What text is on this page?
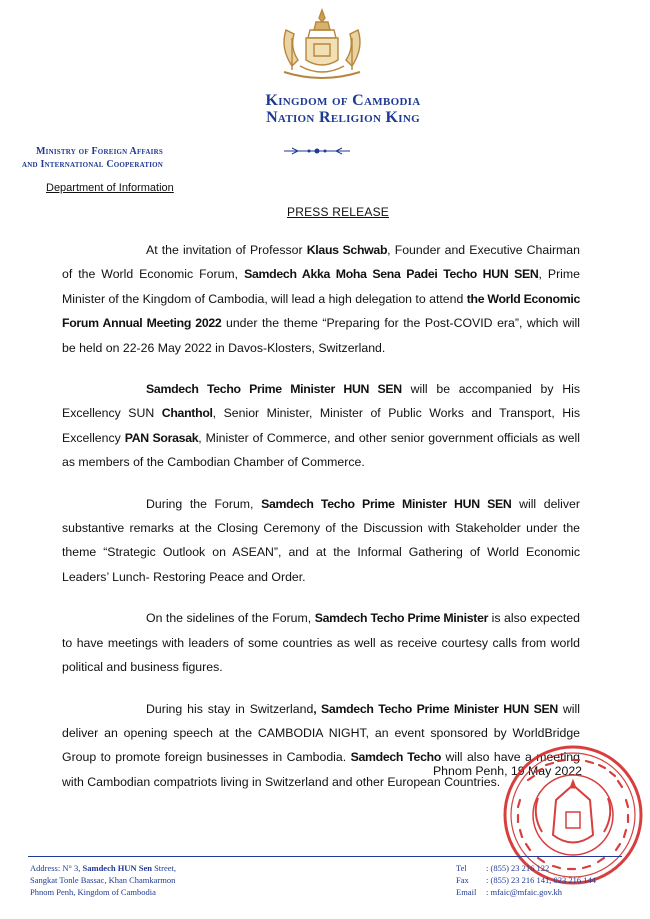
Kingdom of Cambodia
Nation Religion King
Ministry of Foreign Affairs
and International Cooperation
Department of Information
PRESS RELEASE

At the invitation of Professor Klaus Schwab, Founder and Executive Chairman of the World Economic Forum, Samdech Akka Moha Sena Padei Techo HUN SEN, Prime Minister of the Kingdom of Cambodia, will lead a high delegation to attend the World Economic Forum Annual Meeting 2022 under the theme “Preparing for the Post-COVID era”, which will be held on 22-26 May 2022 in Davos-Klosters, Switzerland.

Samdech Techo Prime Minister HUN SEN will be accompanied by His Excellency SUN Chanthol, Senior Minister, Minister of Public Works and Transport, His Excellency PAN Sorasak, Minister of Commerce, and other senior government officials as well as members of the Cambodian Chamber of Commerce.

During the Forum, Samdech Techo Prime Minister HUN SEN will deliver substantive remarks at the Closing Ceremony of the Discussion with Stakeholder under the theme “Strategic Outlook on ASEAN”, and at the Informal Gathering of World Economic Leaders’ Lunch- Restoring Peace and Order.

On the sidelines of the Forum, Samdech Techo Prime Minister is also expected to have meetings with leaders of some countries as well as receive courtesy calls from world political and business figures.

During his stay in Switzerland, Samdech Techo Prime Minister HUN SEN will deliver an opening speech at the CAMBODIA NIGHT, an event sponsored by WorldBridge Group to promote foreign businesses in Cambodia. Samdech Techo will also have a meeting with Cambodian compatriots living in Switzerland and other European Countries.

Phnom Penh, 19 May 2022
Address: N° 3, Samdech HUN Sen Street,
Sangkat Tonle Bassac, Khan Chamkarmon
Phnom Penh, Kingdom of Cambodia
Tel	: (855) 23 216 122
Fax	: (855) 23 216 141, 023 216 144
Email	: mfaic@mfaic.gov.kh
